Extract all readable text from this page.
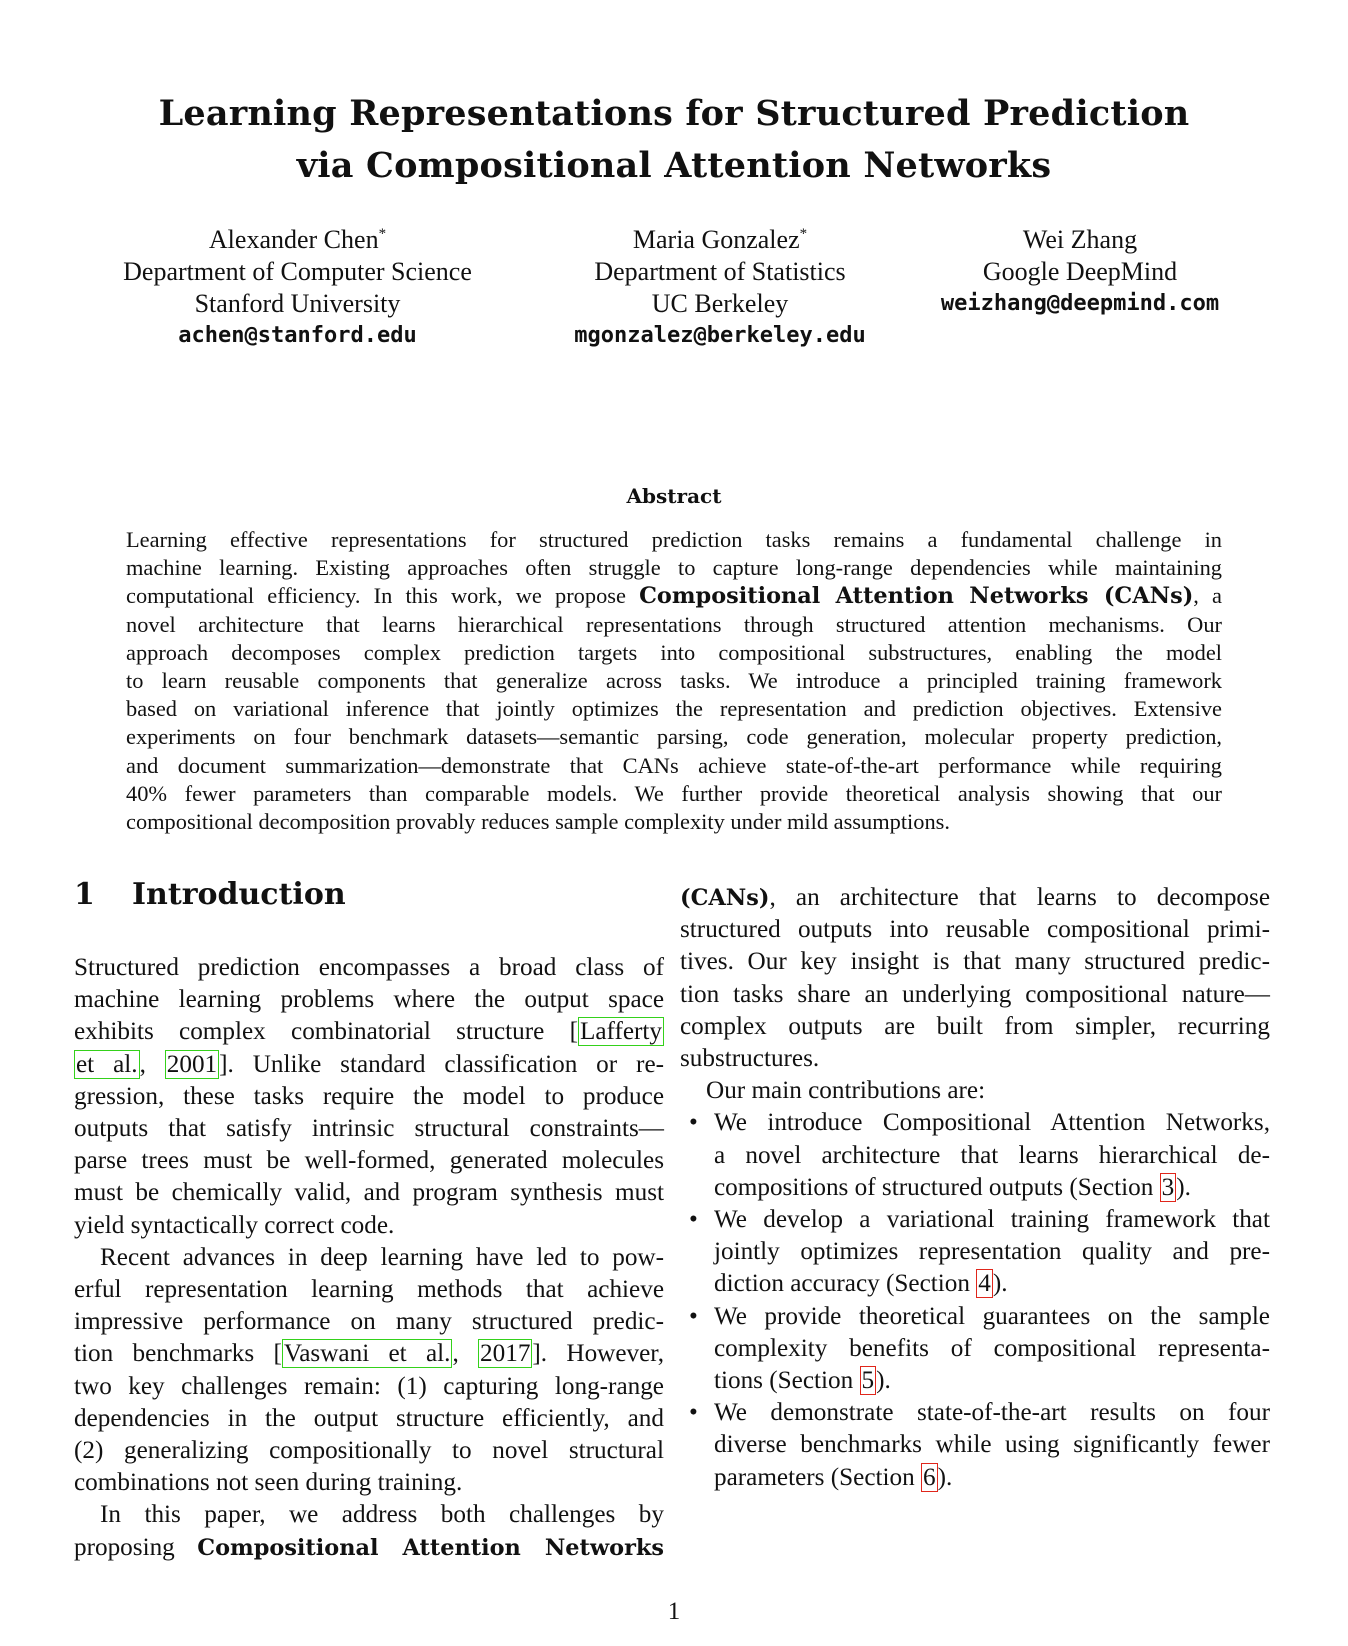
Learning Representations for Structured Prediction
via Compositional Attention Networks
Alexander Chen*
Department of Computer Science
Stanford University
achen@stanford.edu
Maria Gonzalez*
Department of Statistics
UC Berkeley
mgonzalez@berkeley.edu
Wei Zhang
Google DeepMind
weizhang@deepmind.com
Abstract
Learning effective representations for structured prediction tasks remains a fundamental challenge in
machine learning. Existing approaches often struggle to capture long-range dependencies while maintaining
computational efficiency. In this work, we propose Compositional Attention Networks (CANs), a
novel architecture that learns hierarchical representations through structured attention mechanisms. Our
approach decomposes complex prediction targets into compositional substructures, enabling the model
to learn reusable components that generalize across tasks. We introduce a principled training framework
based on variational inference that jointly optimizes the representation and prediction objectives. Extensive
experiments on four benchmark datasets—semantic parsing, code generation, molecular property prediction,
and document summarization—demonstrate that CANs achieve state-of-the-art performance while requiring
40% fewer parameters than comparable models. We further provide theoretical analysis showing that our
compositional decomposition provably reduces sample complexity under mild assumptions.
1 Introduction
Structured prediction encompasses a broad class of
machine learning problems where the output space
exhibits complex combinatorial structure [Lafferty
et al., 2001]. Unlike standard classification or re-
gression, these tasks require the model to produce
outputs that satisfy intrinsic structural constraints—
parse trees must be well-formed, generated molecules
must be chemically valid, and program synthesis must
yield syntactically correct code.
Recent advances in deep learning have led to pow-
erful representation learning methods that achieve
impressive performance on many structured predic-
tion benchmarks [Vaswani et al., 2017]. However,
two key challenges remain: (1) capturing long-range
dependencies in the output structure efficiently, and
(2) generalizing compositionally to novel structural
combinations not seen during training.
In this paper, we address both challenges by
proposing Compositional Attention Networks
(CANs), an architecture that learns to decompose
structured outputs into reusable compositional primi-
tives. Our key insight is that many structured predic-
tion tasks share an underlying compositional nature—
complex outputs are built from simpler, recurring
substructures.
Our main contributions are:
• We introduce Compositional Attention Networks,
a novel architecture that learns hierarchical de-
compositions of structured outputs (Section 3).
• We develop a variational training framework that
jointly optimizes representation quality and pre-
diction accuracy (Section 4).
• We provide theoretical guarantees on the sample
complexity benefits of compositional representa-
tions (Section 5).
• We demonstrate state-of-the-art results on four
diverse benchmarks while using significantly fewer
parameters (Section 6).
1
